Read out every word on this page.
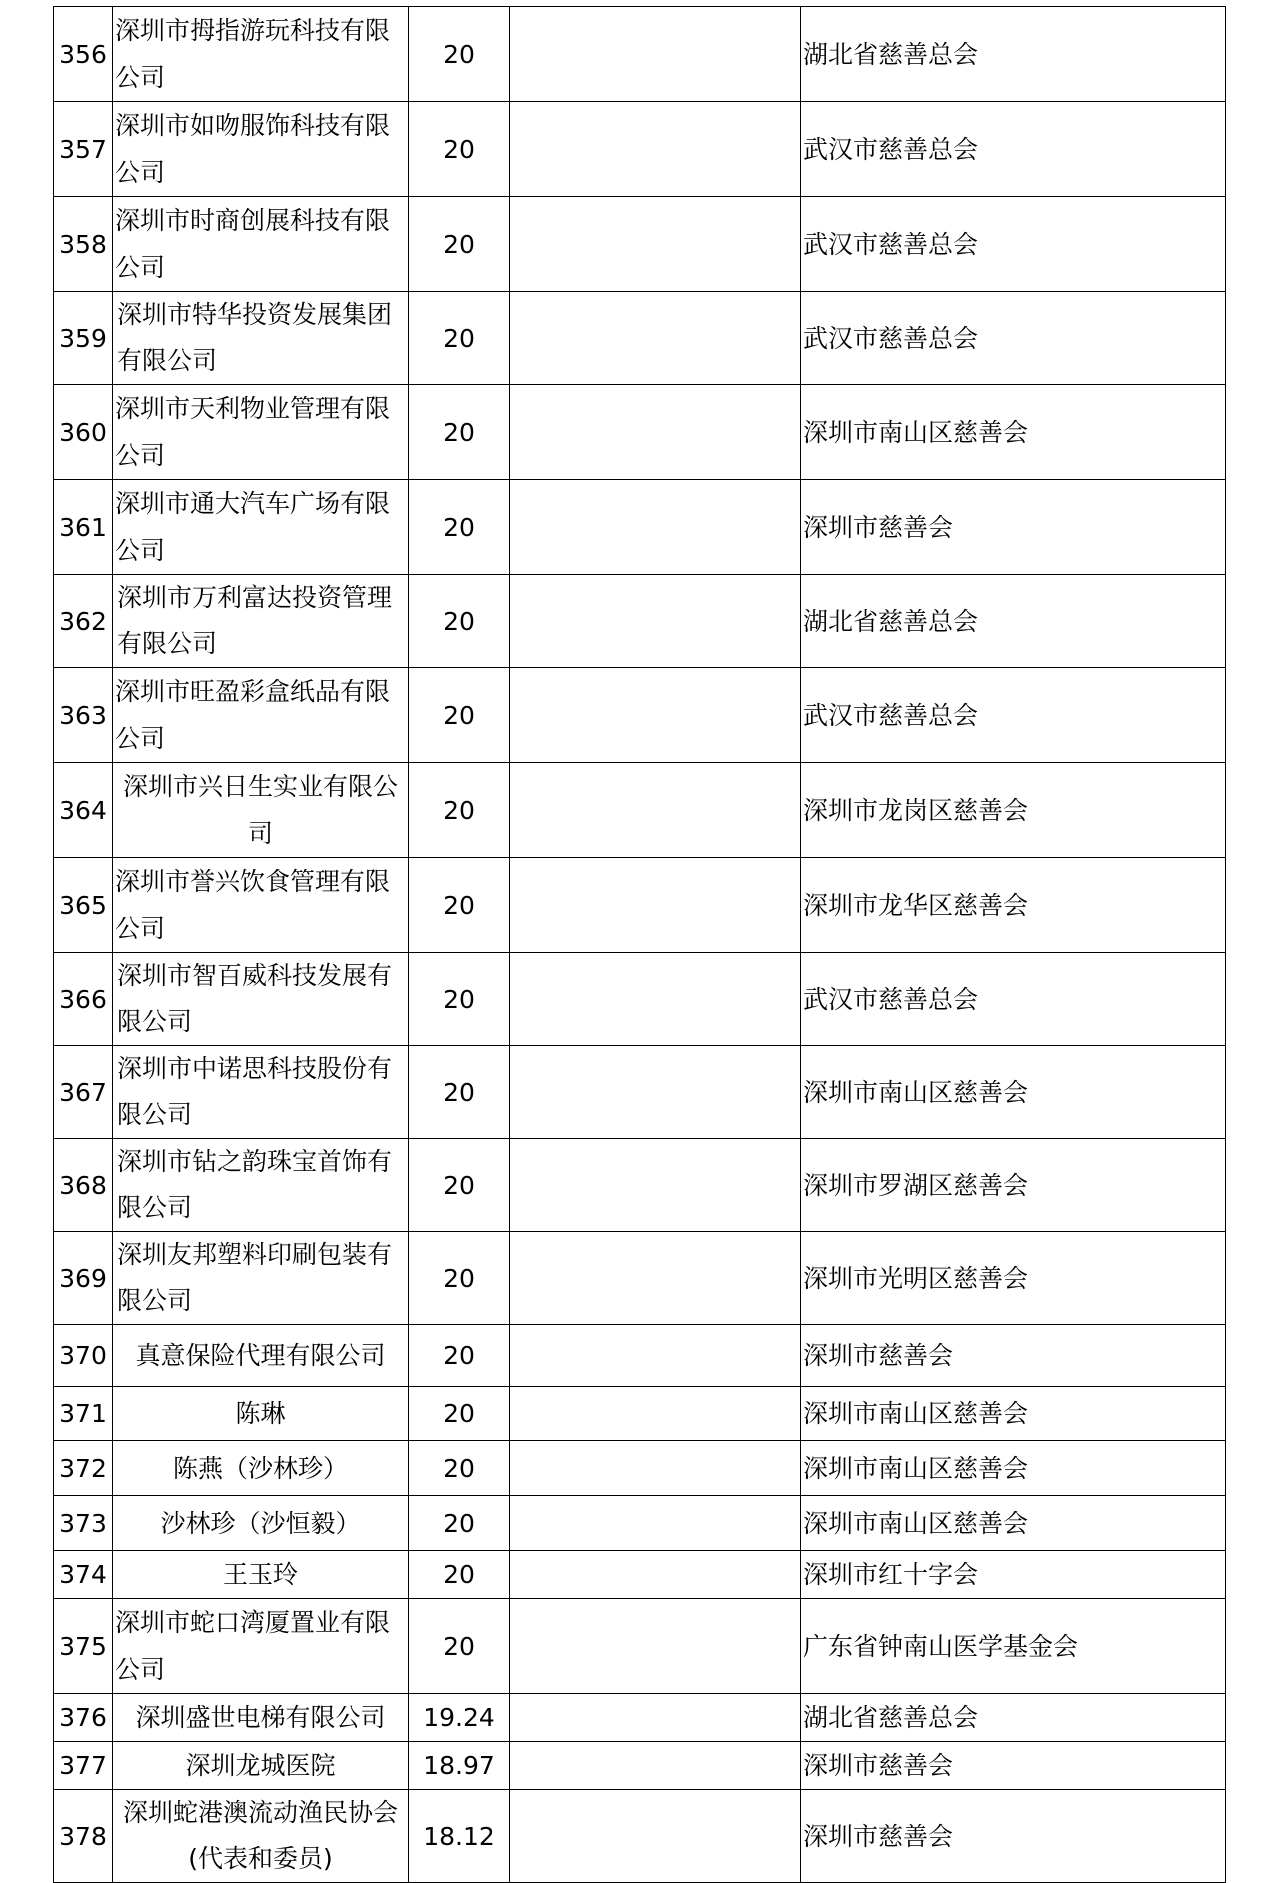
356	深圳市拇指游玩科技有限公司	20		湖北省慈善总会
357	深圳市如吻服饰科技有限公司	20		武汉市慈善总会
358	深圳市时商创展科技有限公司	20		武汉市慈善总会
359	深圳市特华投资发展集团有限公司	20		武汉市慈善总会
360	深圳市天利物业管理有限公司	20		深圳市南山区慈善会
361	深圳市通大汽车广场有限公司	20		深圳市慈善会
362	深圳市万利富达投资管理有限公司	20		湖北省慈善总会
363	深圳市旺盈彩盒纸品有限公司	20		武汉市慈善总会
364	深圳市兴日生实业有限公司	20		深圳市龙岗区慈善会
365	深圳市誉兴饮食管理有限公司	20		深圳市龙华区慈善会
366	深圳市智百威科技发展有限公司	20		武汉市慈善总会
367	深圳市中诺思科技股份有限公司	20		深圳市南山区慈善会
368	深圳市钻之韵珠宝首饰有限公司	20		深圳市罗湖区慈善会
369	深圳友邦塑料印刷包装有限公司	20		深圳市光明区慈善会
370	真意保险代理有限公司	20		深圳市慈善会
371	陈琳	20		深圳市南山区慈善会
372	陈燕（沙林珍）	20		深圳市南山区慈善会
373	沙林珍（沙恒毅）	20		深圳市南山区慈善会
374	王玉玲	20		深圳市红十字会
375	深圳市蛇口湾厦置业有限公司	20		广东省钟南山医学基金会
376	深圳盛世电梯有限公司	19.24		湖北省慈善总会
377	深圳龙城医院	18.97		深圳市慈善会
378	深圳蛇港澳流动渔民协会(代表和委员)	18.12		深圳市慈善会
